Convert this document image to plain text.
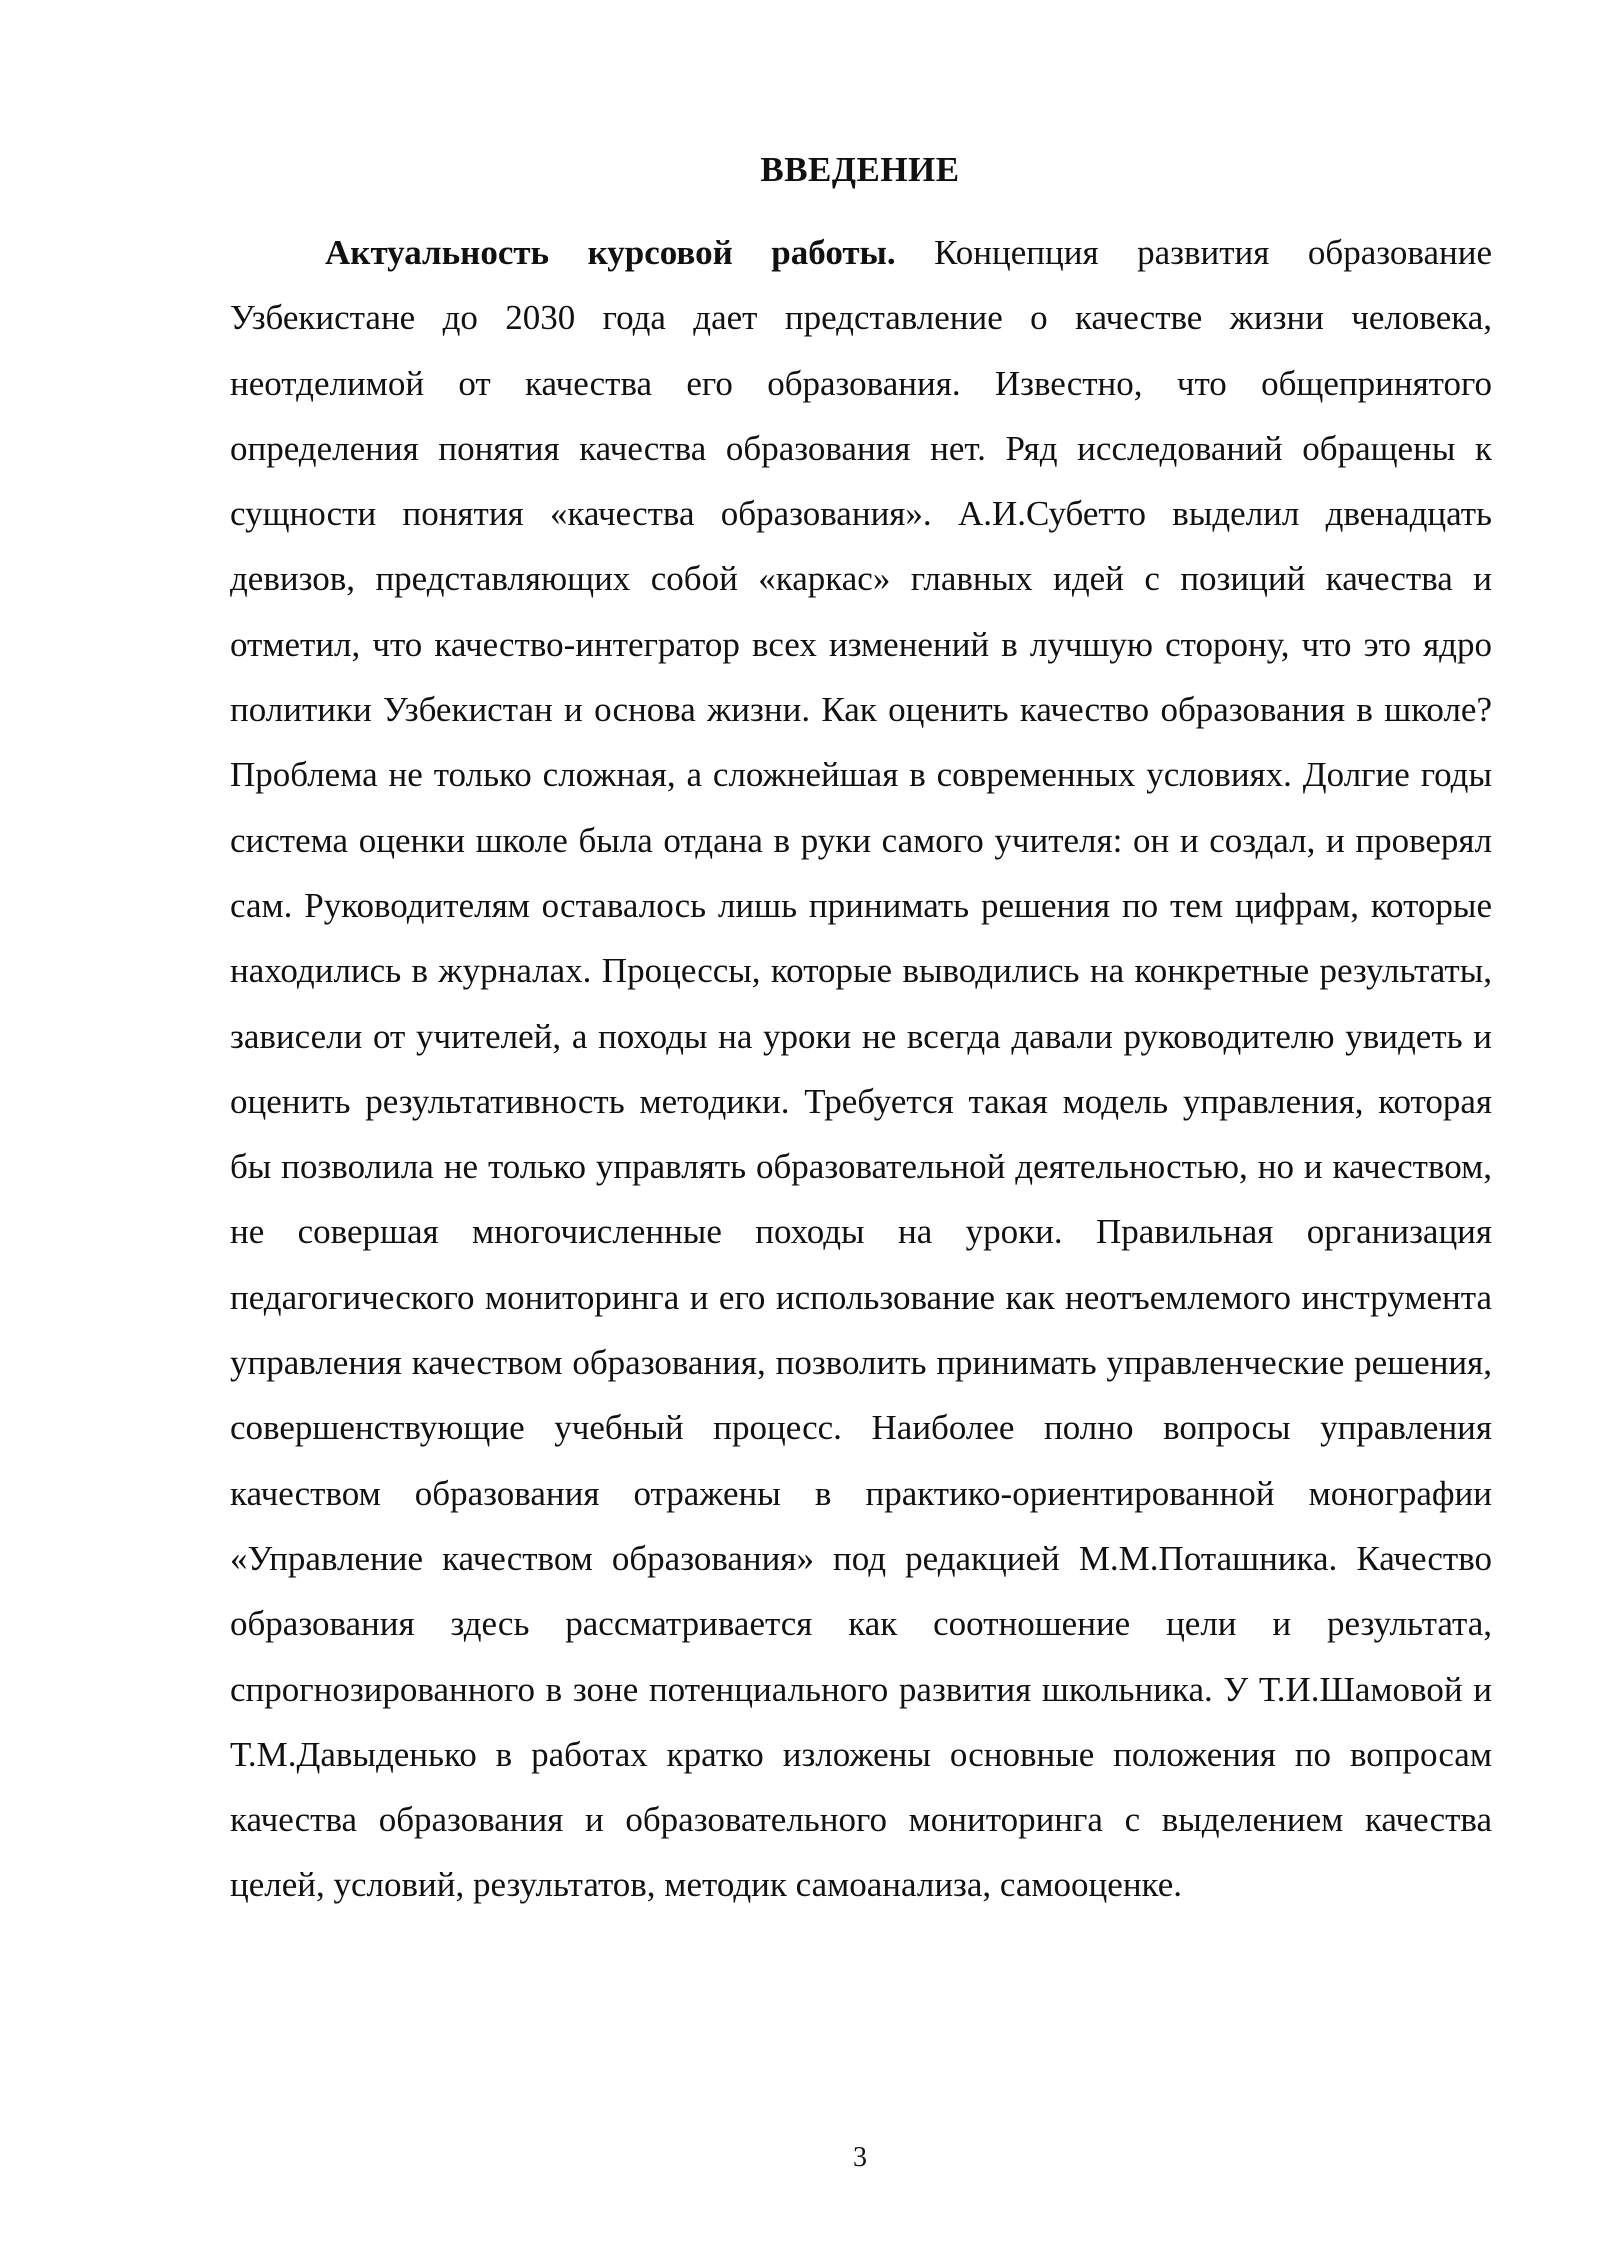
ВВЕДЕНИЕ

Актуальность курсовой работы. Концепция развития образование Узбекистане до 2030 года дает представление о качестве жизни человека, неотделимой от качества его образования. Известно, что общепринятого определения понятия качества образования нет. Ряд исследований обращены к сущности понятия «качества образования». А.И.Субетто выделил двенадцать девизов, представляющих собой «каркас» главных идей с позиций качества и отметил, что качество-интегратор всех изменений в лучшую сторону, что это ядро политики Узбекистан и основа жизни. Как оценить качество образования в школе? Проблема не только сложная, а сложнейшая в современных условиях. Долгие годы система оценки школе была отдана в руки самого учителя: он и создал, и проверял сам. Руководителям оставалось лишь принимать решения по тем цифрам, которые находились в журналах. Процессы, которые выводились на конкретные результаты, зависели от учителей, а походы на уроки не всегда давали руководителю увидеть и оценить результативность методики. Требуется такая модель управления, которая бы позволила не только управлять образовательной деятельностью, но и качеством, не совершая многочисленные походы на уроки. Правильная организация педагогического мониторинга и его использование как неотъемлемого инструмента управления качеством образования, позволить принимать управленческие решения, совершенствующие учебный процесс. Наиболее полно вопросы управления качеством образования отражены в практико-ориентированной монографии «Управление качеством образования» под редакцией М.М.Поташника. Качество образования здесь рассматривается как соотношение цели и результата, спрогнозированного в зоне потенциального развития школьника. У Т.И.Шамовой и Т.М.Давыденько в работах кратко изложены основные положения по вопросам качества образования и образовательного мониторинга с выделением качества целей, условий, результатов, методик самоанализа, самооценке.

3
